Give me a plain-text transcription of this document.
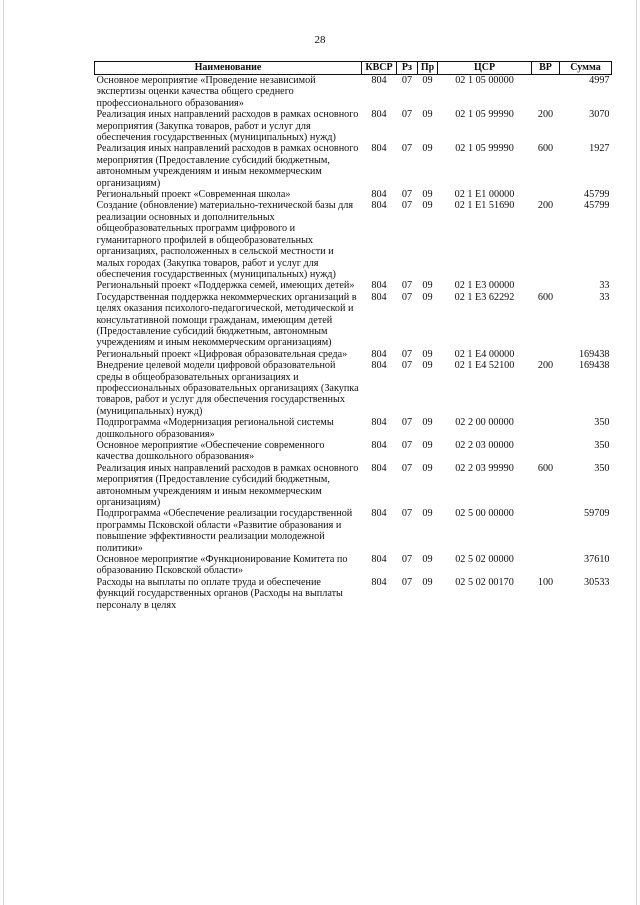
28
Наименование	КВСР	Рз	Пр	ЦСР	ВР	Сумма
Основное мероприятие «Проведение независимой экспертизы оценки качества общего среднего профессионального образования»	804	07	09	02 1 05 00000		4997
Реализация иных направлений расходов в рамках основного мероприятия (Закупка товаров, работ и услуг для обеспечения государственных (муниципальных) нужд)	804	07	09	02 1 05 99990	200	3070
Реализация иных направлений расходов в рамках основного мероприятия (Предоставление субсидий бюджетным, автономным учреждениям и иным некоммерческим организациям)	804	07	09	02 1 05 99990	600	1927
Региональный проект «Современная школа»	804	07	09	02 1 E1 00000		45799
Создание (обновление) материально-технической базы для реализации основных и дополнительных общеобразовательных программ цифрового и гуманитарного профилей в общеобразовательных организациях, расположенных в сельской местности и малых городах (Закупка товаров, работ и услуг для обеспечения государственных (муниципальных) нужд)	804	07	09	02 1 E1 51690	200	45799
Региональный проект «Поддержка семей, имеющих детей»	804	07	09	02 1 E3 00000		33
Государственная поддержка некоммерческих организаций в целях оказания психолого-педагогической, методической и консультативной помощи гражданам, имеющим детей (Предоставление субсидий бюджетным, автономным учреждениям и иным некоммерческим организациям)	804	07	09	02 1 E3 62292	600	33
Региональный проект «Цифровая образовательная среда»	804	07	09	02 1 E4 00000		169438
Внедрение целевой модели цифровой образовательной среды в общеобразовательных организациях и профессиональных образовательных организациях (Закупка товаров, работ и услуг для обеспечения государственных (муниципальных) нужд)	804	07	09	02 1 E4 52100	200	169438
Подпрограмма «Модернизация региональной системы дошкольного образования»	804	07	09	02 2 00 00000		350
Основное мероприятие «Обеспечение современного качества дошкольного образования»	804	07	09	02 2 03 00000		350
Реализация иных направлений расходов в рамках основного мероприятия (Предоставление субсидий бюджетным, автономным учреждениям и иным некоммерческим организациям)	804	07	09	02 2 03 99990	600	350
Подпрограмма «Обеспечение реализации государственной программы Псковской области «Развитие образования и повышение эффективности реализации молодежной политики»	804	07	09	02 5 00 00000		59709
Основное мероприятие «Функционирование Комитета по образованию Псковской области»	804	07	09	02 5 02 00000		37610
Расходы на выплаты по оплате труда и обеспечение функций государственных органов (Расходы на выплаты персоналу в целях	804	07	09	02 5 02 00170	100	30533
